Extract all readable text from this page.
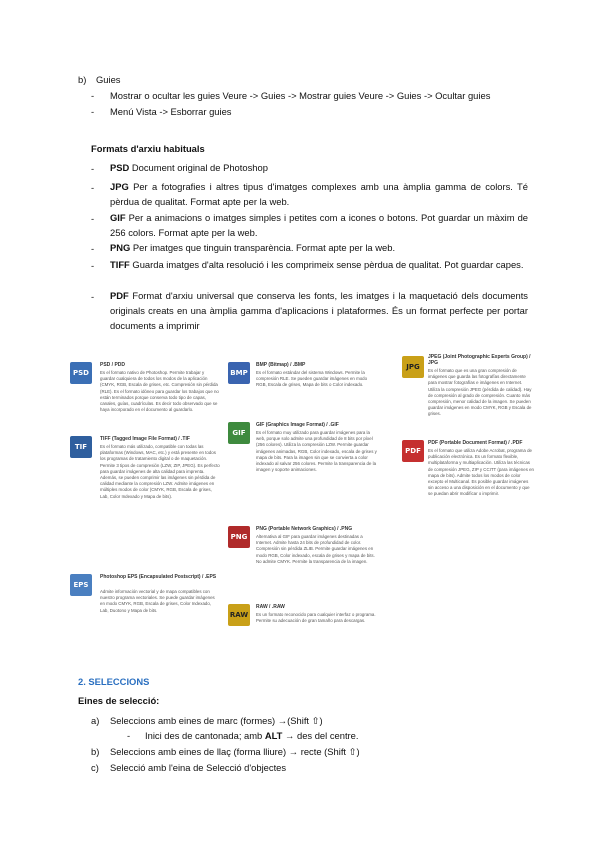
b) Guies
- Mostrar o ocultar les guies Veure -> Guies -> Mostrar guies Veure -> Guies -> Ocultar guies
- Menú Vista -> Esborrar guies
Formats d'arxiu habituals
- PSD Document original de Photoshop
- JPG Per a fotografies i altres tipus d'imatges complexes amb una àmplia gamma de colors. Té pèrdua de qualitat. Format apte per la web.
- GIF Per a animacions o imatges simples i petites com a icones o botons. Pot guardar un màxim de 256 colors. Format apte per la web.
- PNG Per imatges que tinguin transparència. Format apte per la web.
- TIFF Guarda imatges d'alta resolució i les comprimeix sense pèrdua de qualitat. Pot guardar capes.
- PDF Format d'arxiu universal que conserva les fonts, les imatges i la maquetació dels documents originals creats en una àmplia gamma d'aplicacions i plataformes. És un format perfecte per portar documents a imprimir
PSD
PSD / PDD
Es el formato nativo de Photoshop. Permite trabajar y guardar cualquiera de todos los modos de la aplicación (CMYK, RGB, Escala de grises, etc. Compresión sin pérdida (RLE). Es el formato idóneo para guardar los trabajos que no están terminados porque conserva todo tipo de capas, canales, guías, cuadrículas. Es decir todo observado que se haya incorporado en el documento al guardarlo.
TIF
TIFF (Tagged Image File Format) / .TIF
Es el formato más utilizado, compatible con todas las plataformas (Windows, MAC, etc.) y está presente en todos los programas de tratamiento digital o de maquetación. Permite 3 tipos de compresión (LZW, ZIP, JPEG). Es perfecto para guardar imágenes de alta calidad para imprenta. Además, se pueden comprimir las imágenes sin pérdida de calidad mediante la compresión LZW. Admite imágenes en múltiples modos de color (CMYK, RGB, Escala de grises, Lab, Color Indexado y Mapa de bits).
EPS
Photoshop EPS (Encapsulated Postscript) / .EPS
Admite información vectorial y de mapa compatibles con nuestro programa vectoriales. Se puede guardar imágenes en modo CMYK, RGB, Escala de grises, Color Indexado, Lab, Duotono y Mapa de bits.
BMP
BMP (Bitmap) / .BMP
Es el formato estándar del sistema Windows. Permite la compresión RLE. Se pueden guardar imágenes en modo RGB, Escala de grises, Mapa de bits o Color indexado.
GIF
GIF (Graphics Image Format) / .GIF
Es el formato muy utilizado para guardar imágenes para la web, porque solo admite una profundidad de 8 bits por píxel (256 colores). Utiliza la compresión LZW. Permite guardar imágenes animadas, RGB, Color indexado, escala de grises y mapa de bits. Para la imagen sin que se convierta a color indexado al salvar 256 colores. Permite la transparencia de la imagen y soporte animaciones.
PNG
PNG (Portable Network Graphics) / .PNG
Alternativa al GIF para guardar imágenes destinadas a Internet. Admite hasta 24 bits de profundidad de color. Compresión sin pérdida ZLIB. Permite guardar imágenes en modo RGB, Color indexado, escala de grises y mapa de bits. No admite CMYK. Permite la transparencia de la imagen.
RAW
RAW / .RAW
Es un formato reconocido para cualquier interfaz o programa. Permite su adecuación de gran tamaño para descargas.
JPG
JPEG (Joint Photographic Experts Group) / JPG
Es el formato que es una gran compresión de imágenes que guarda las fotografías directamente para mostrar fotografías e imágenes en Internet. Utiliza la compresión JPEG (pérdida de calidad). Hay de compresión al grado de compresión. Cuanto más compresión, menor calidad de la imagen. Se pueden guardar imágenes en modo CMYK, RGB y Escala de grises.
PDF
PDF (Portable Document Format) / .PDF
Es el formato que utiliza Adobe Acrobat, programa de publicación electrónica. Es un formato flexible, multiplataforma y multiaplicación. Utiliza las técnicas de compresión JPEG, ZIP y CCITT (para imágenes en mapa de bits). Admite todos los modos de color excepto el Multicanal. Es posible guardar imágenes sin acceso a una disposición en el documento y que se puedan abrir modificar o imprimir.
2. SELECCIONS
Eines de selecció:
a) Seleccions amb eines de marc (formes) →(Shift ⇧)
- Inici des de cantonada; amb ALT → des del centre.
b) Seleccions amb eines de llaç (forma lliure) → recte (Shift ⇧)
c) Selecció amb l'eina de Selecció d'objectes
